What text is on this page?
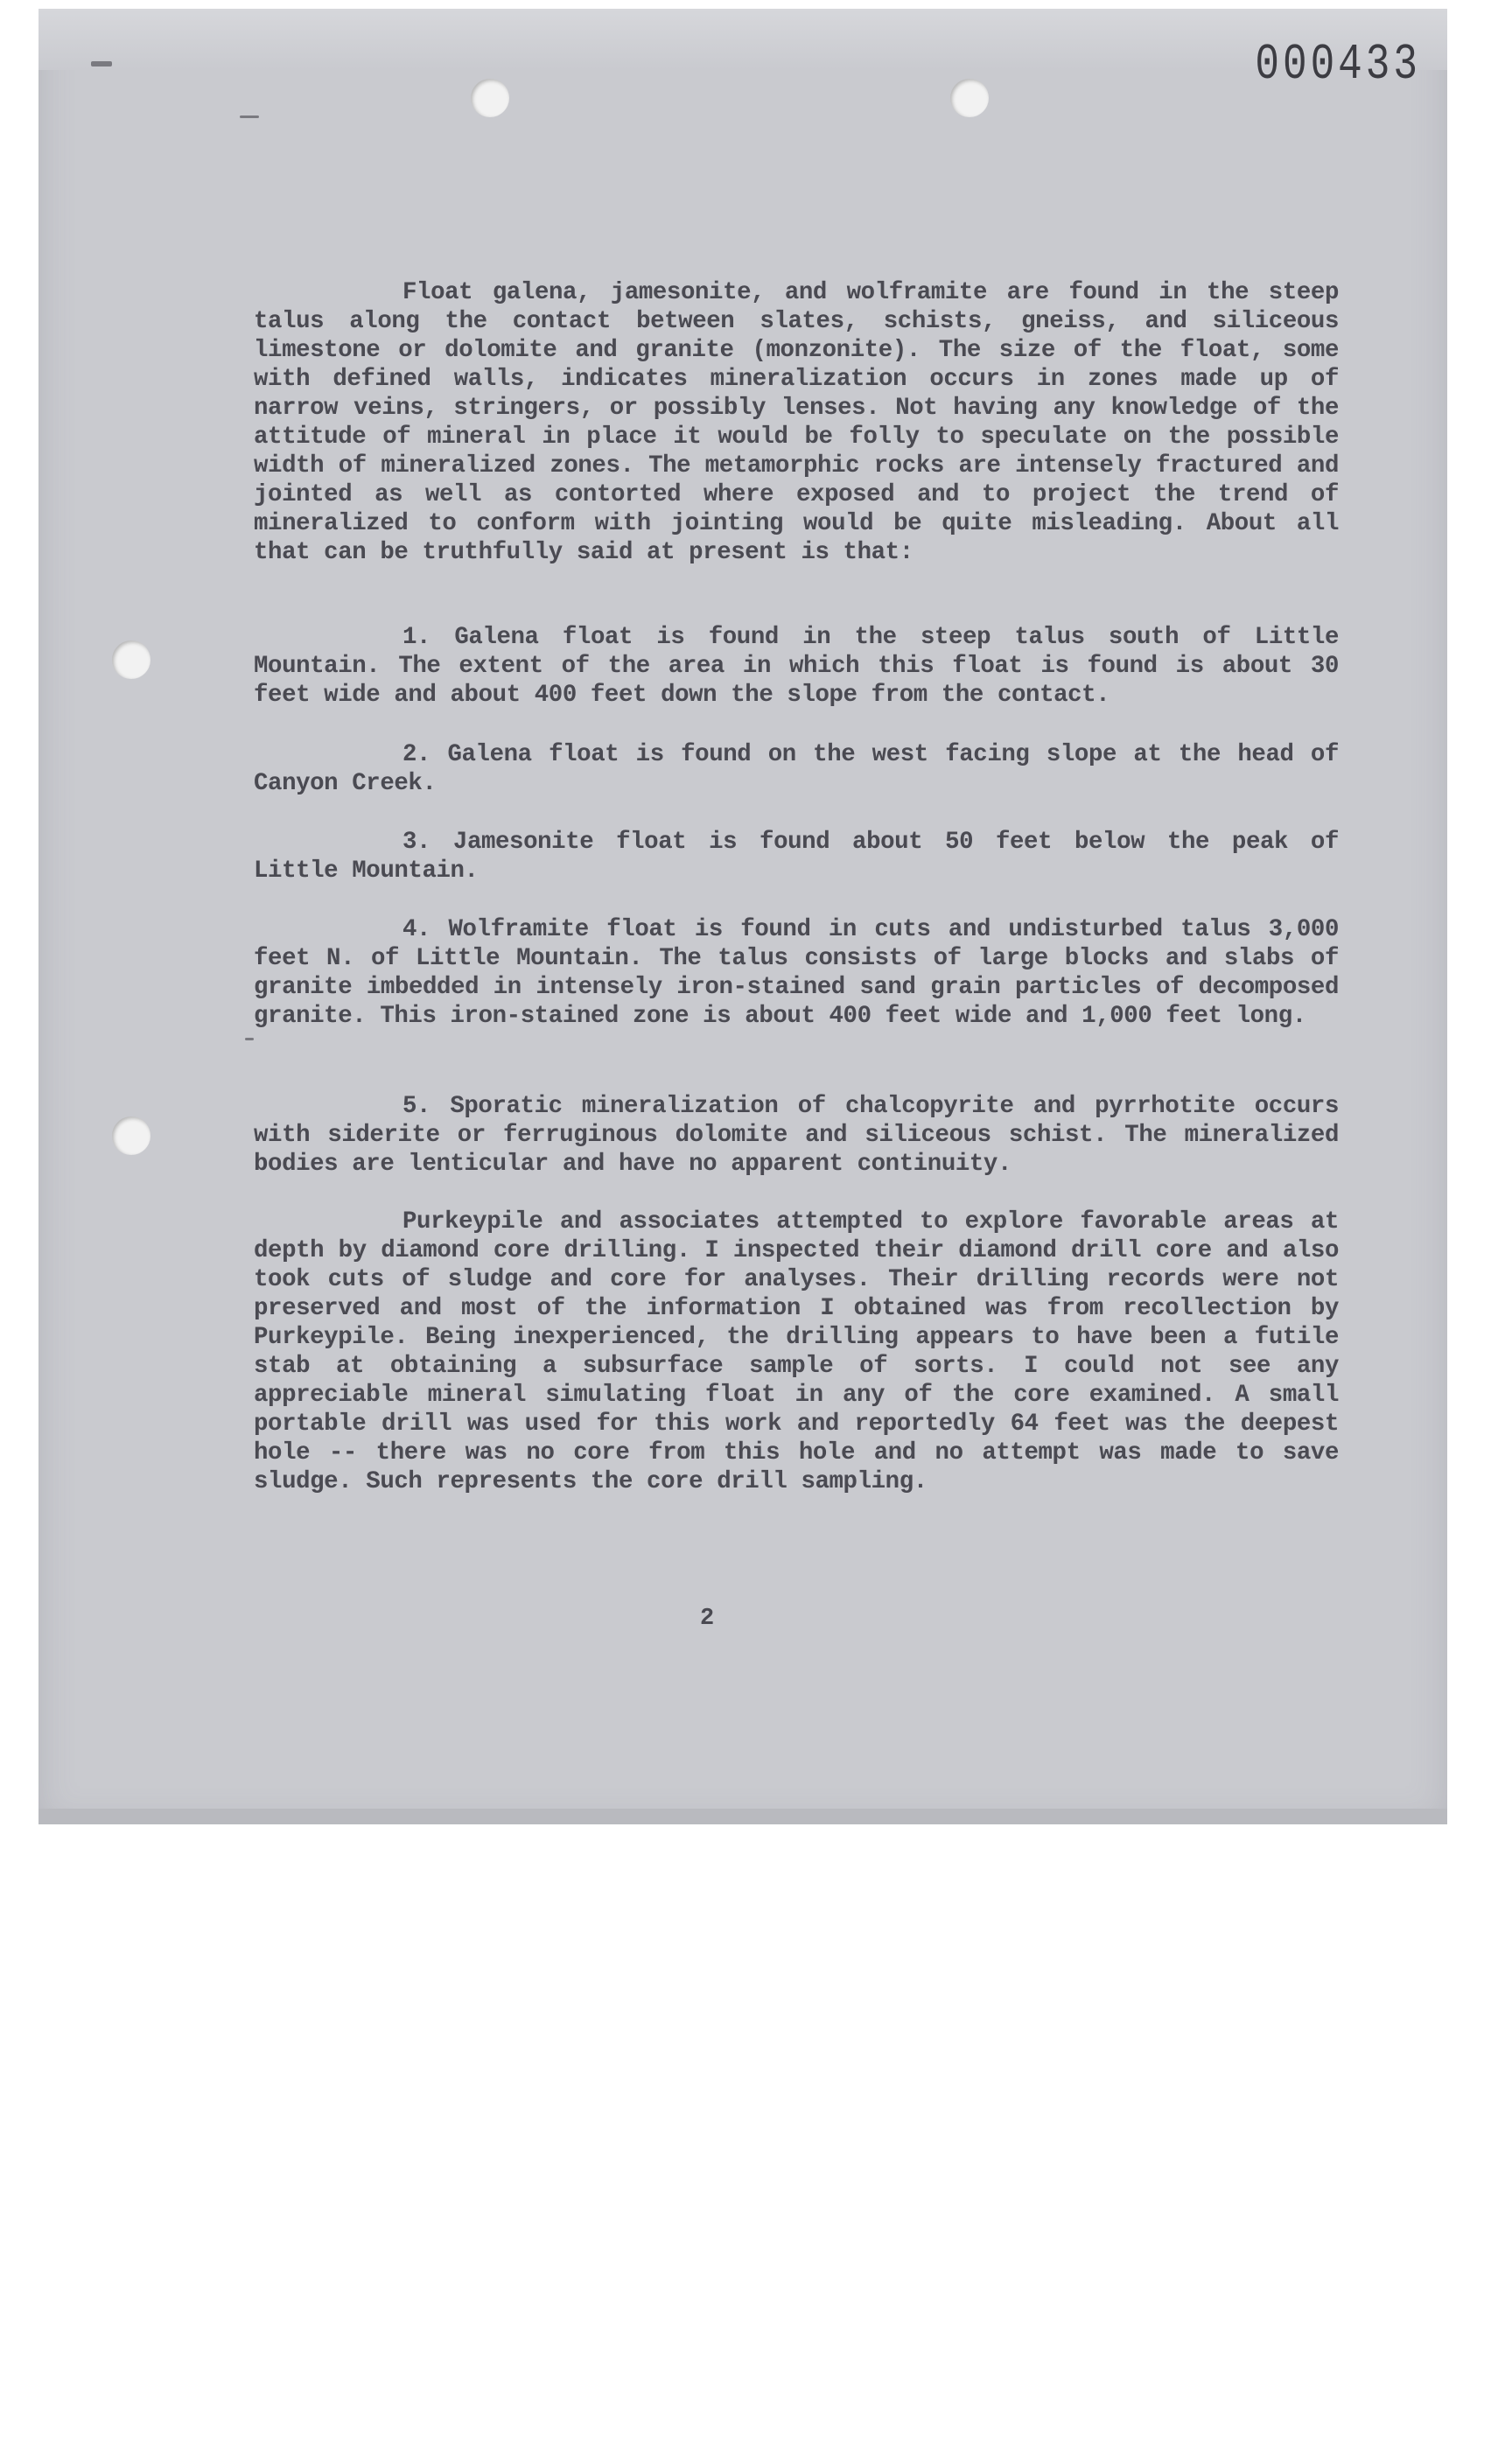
000433

Float galena, jamesonite, and wolframite are found in the steep talus along the contact between slates, schists, gneiss, and siliceous limestone or dolomite and granite (monzonite). The size of the float, some with defined walls, indicates mineralization occurs in zones made up of narrow veins, stringers, or possibly lenses. Not having any knowledge of the attitude of mineral in place it would be folly to speculate on the possible width of mineralized zones. The metamorphic rocks are intensely fractured and jointed as well as contorted where exposed and to project the trend of mineralized to conform with jointing would be quite misleading. About all that can be truthfully said at present is that:

1. Galena float is found in the steep talus south of Little Mountain. The extent of the area in which this float is found is about 30 feet wide and about 400 feet down the slope from the contact.

2. Galena float is found on the west facing slope at the head of Canyon Creek.

3. Jamesonite float is found about 50 feet below the peak of Little Mountain.

4. Wolframite float is found in cuts and undisturbed talus 3,000 feet N. of Little Mountain. The talus consists of large blocks and slabs of granite imbedded in intensely iron-stained sand grain particles of decomposed granite. This iron-stained zone is about 400 feet wide and 1,000 feet long.

5. Sporatic mineralization of chalcopyrite and pyrrhotite occurs with siderite or ferruginous dolomite and siliceous schist. The mineralized bodies are lenticular and have no apparent continuity.

Purkeypile and associates attempted to explore favorable areas at depth by diamond core drilling. I inspected their diamond drill core and also took cuts of sludge and core for analyses. Their drilling records were not preserved and most of the information I obtained was from recollection by Purkeypile. Being inexperienced, the drilling appears to have been a futile stab at obtaining a subsurface sample of sorts. I could not see any appreciable mineral simulating float in any of the core examined. A small portable drill was used for this work and reportedly 64 feet was the deepest hole -- there was no core from this hole and no attempt was made to save sludge. Such represents the core drill sampling.

2
